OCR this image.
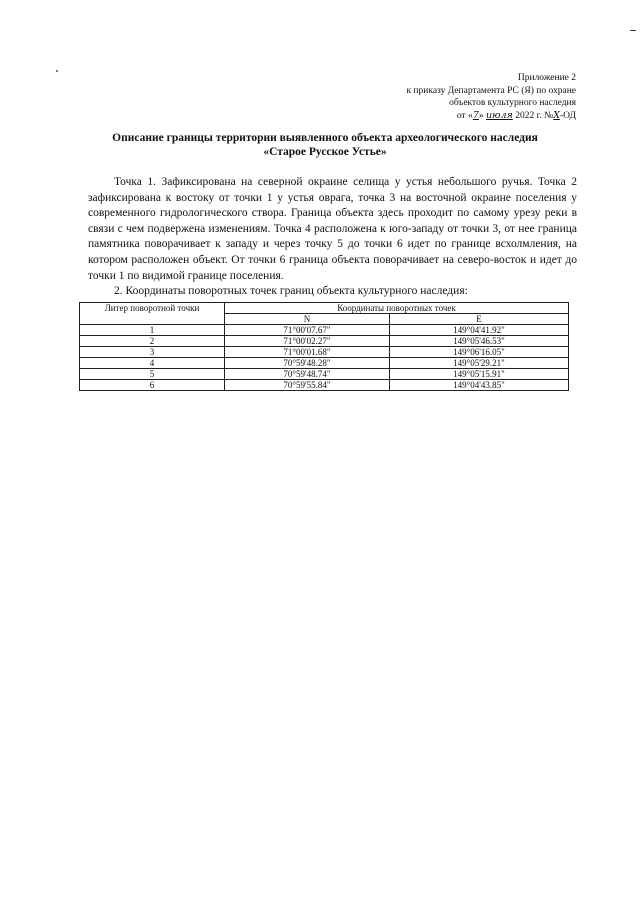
Приложение 2
к приказу Департамента РС (Я) по охране
объектов культурного наследия
от «7» июля 2022 г. №Х-ОД
Описание границы территории выявленного объекта археологического наследия
«Старое Русское Устье»

Точка 1. Зафиксирована на северной окраине селища у устья небольшого ручья. Точка 2 зафиксирована к востоку от точки 1 у устья оврага, точка 3 на восточной окраине поселения у современного гидрологического створа. Граница объекта здесь проходит по самому урезу реки в связи с чем подвержена изменениям. Точка 4 расположена к юго-западу от точки 3, от нее граница памятника поворачивает к западу и через точку 5 до точки 6 идет по границе всхолмления, на котором расположен объект. От точки 6 граница объекта поворачивает на северо-восток и идет до точки 1 по видимой границе поселения.

2. Координаты поворотных точек границ объекта культурного наследия:

Литер поворотной точки	Координаты поворотных точек	
	N	E
1	71°00'07.67"	149°04'41.92"
2	71°00'02.27"	149°05'46.53"
3	71°00'01.68"	149°06'16.05"
4	70°59'48.28"	149°05'29.21"
5	70°59'48.74"	149°05'15.91"
6	70°59'55.84"	149°04'43.85"
